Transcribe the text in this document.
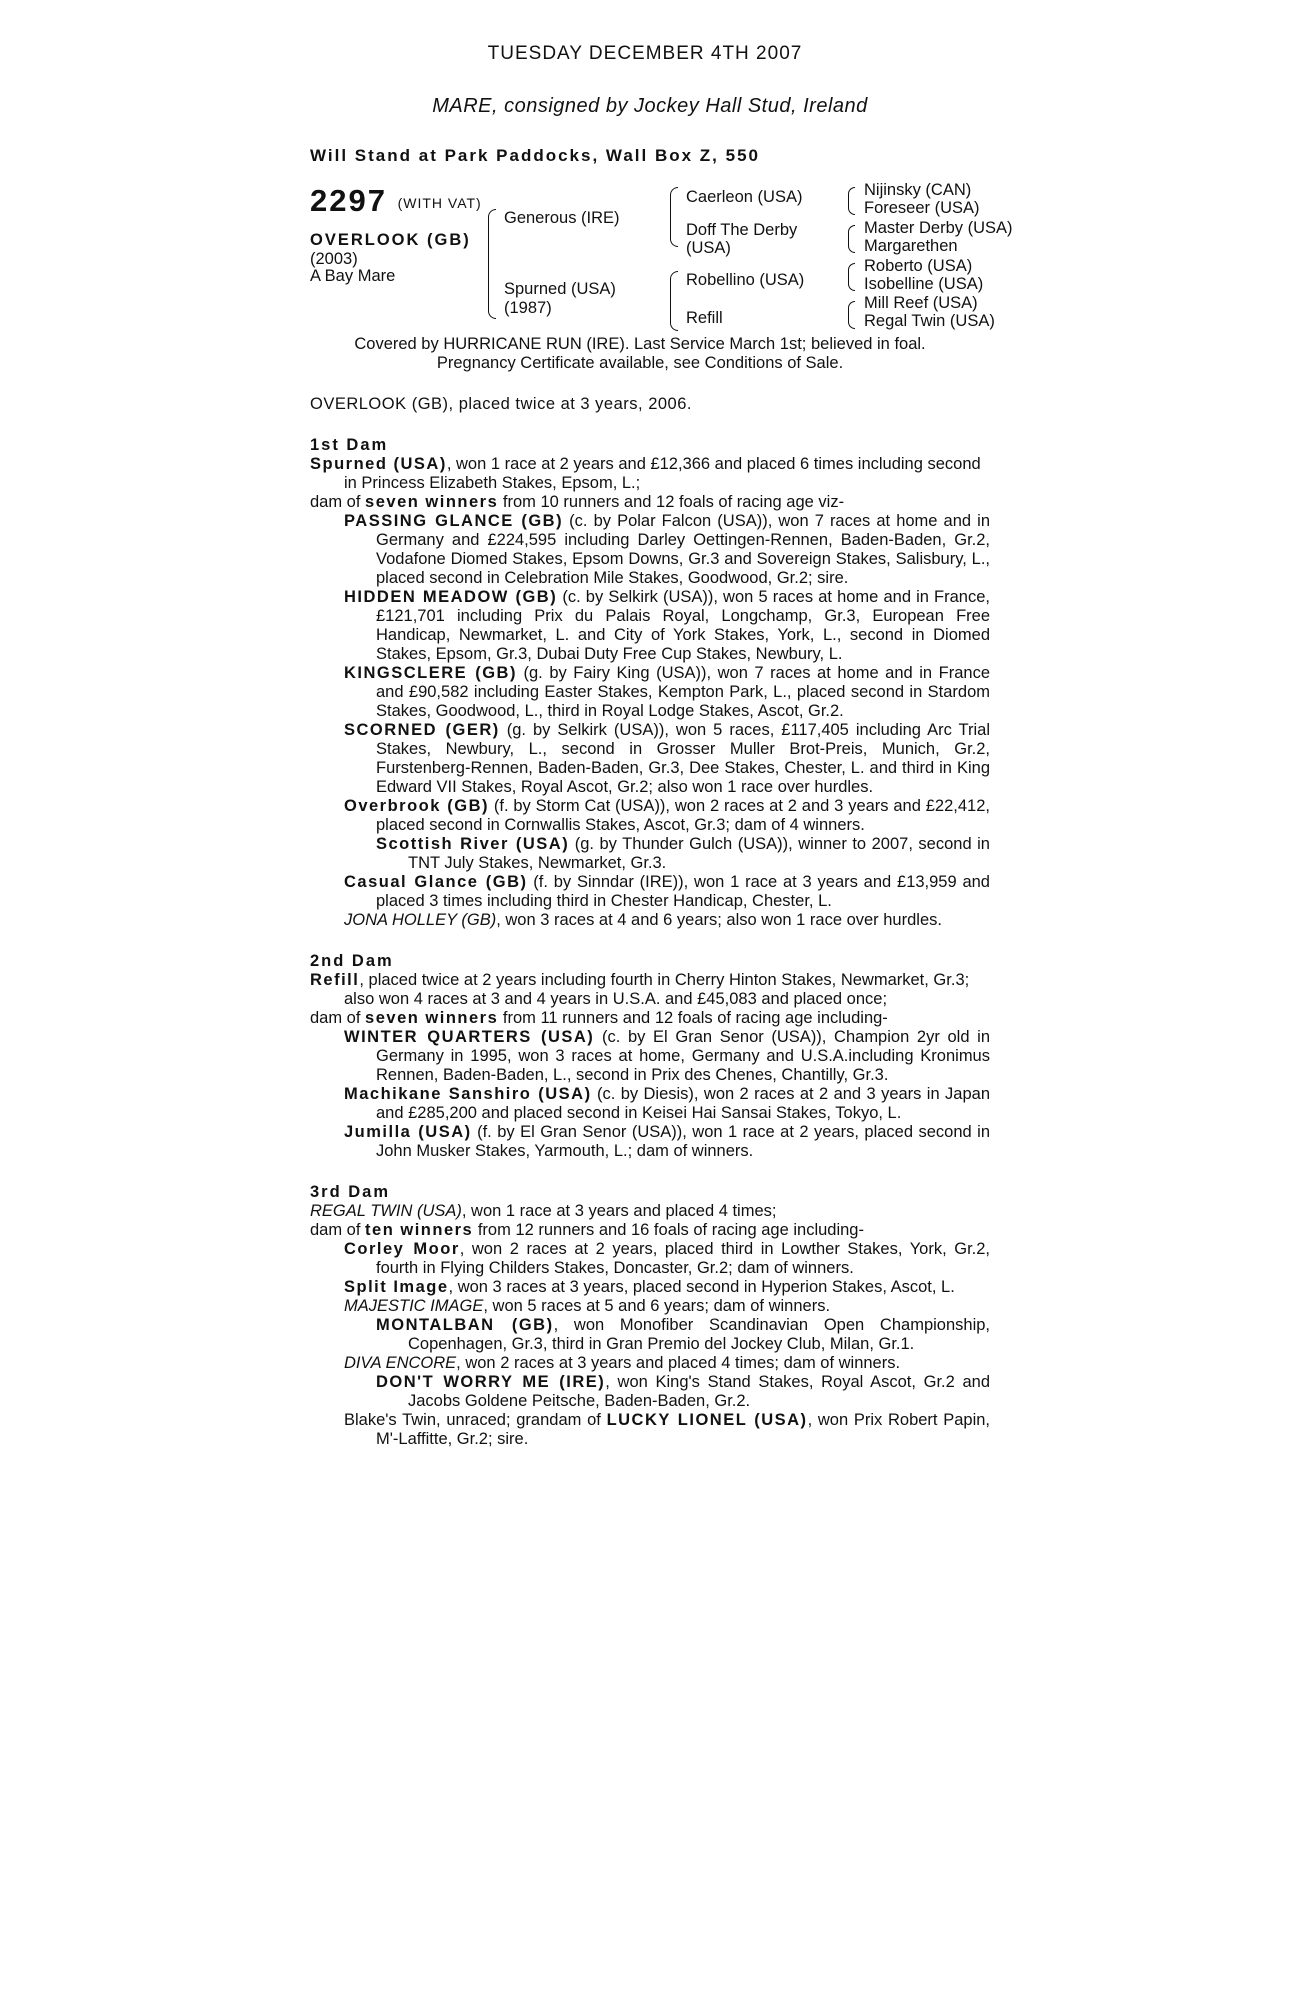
TUESDAY DECEMBER 4TH 2007
MARE, consigned by Jockey Hall Stud, Ireland
Will Stand at Park Paddocks, Wall Box Z, 550
2297 (WITH VAT)
OVERLOOK (GB)
(2003)
A Bay Mare
Generous (IRE)
Spurned (USA)
(1987)
Caerleon (USA)
Doff The Derby
(USA)
Robellino (USA)
Refill
Nijinsky (CAN)
Foreseer (USA)
Master Derby (USA)
Margarethen
Roberto (USA)
Isobelline (USA)
Mill Reef (USA)
Regal Twin (USA)
Covered by HURRICANE RUN (IRE). Last Service March 1st; believed in foal.
Pregnancy Certificate available, see Conditions of Sale.
OVERLOOK (GB), placed twice at 3 years, 2006.
1st Dam
Spurned (USA), won 1 race at 2 years and £12,366 and placed 6 times including second in Princess Elizabeth Stakes, Epsom, L.;
dam of seven winners from 10 runners and 12 foals of racing age viz-
PASSING GLANCE (GB) (c. by Polar Falcon (USA)), won 7 races at home and in Germany and £224,595 including Darley Oettingen-Rennen, Baden-Baden, Gr.2, Vodafone Diomed Stakes, Epsom Downs, Gr.3 and Sovereign Stakes, Salisbury, L., placed second in Celebration Mile Stakes, Goodwood, Gr.2; sire.
HIDDEN MEADOW (GB) (c. by Selkirk (USA)), won 5 races at home and in France, £121,701 including Prix du Palais Royal, Longchamp, Gr.3, European Free Handicap, Newmarket, L. and City of York Stakes, York, L., second in Diomed Stakes, Epsom, Gr.3, Dubai Duty Free Cup Stakes, Newbury, L.
KINGSCLERE (GB) (g. by Fairy King (USA)), won 7 races at home and in France and £90,582 including Easter Stakes, Kempton Park, L., placed second in Stardom Stakes, Goodwood, L., third in Royal Lodge Stakes, Ascot, Gr.2.
SCORNED (GER) (g. by Selkirk (USA)), won 5 races, £117,405 including Arc Trial Stakes, Newbury, L., second in Grosser Muller Brot-Preis, Munich, Gr.2, Furstenberg-Rennen, Baden-Baden, Gr.3, Dee Stakes, Chester, L. and third in King Edward VII Stakes, Royal Ascot, Gr.2; also won 1 race over hurdles.
Overbrook (GB) (f. by Storm Cat (USA)), won 2 races at 2 and 3 years and £22,412, placed second in Cornwallis Stakes, Ascot, Gr.3; dam of 4 winners.
Scottish River (USA) (g. by Thunder Gulch (USA)), winner to 2007, second in TNT July Stakes, Newmarket, Gr.3.
Casual Glance (GB) (f. by Sinndar (IRE)), won 1 race at 3 years and £13,959 and placed 3 times including third in Chester Handicap, Chester, L.
JONA HOLLEY (GB), won 3 races at 4 and 6 years; also won 1 race over hurdles.
2nd Dam
Refill, placed twice at 2 years including fourth in Cherry Hinton Stakes, Newmarket, Gr.3; also won 4 races at 3 and 4 years in U.S.A. and £45,083 and placed once;
dam of seven winners from 11 runners and 12 foals of racing age including-
WINTER QUARTERS (USA) (c. by El Gran Senor (USA)), Champion 2yr old in Germany in 1995, won 3 races at home, Germany and U.S.A.including Kronimus Rennen, Baden-Baden, L., second in Prix des Chenes, Chantilly, Gr.3.
Machikane Sanshiro (USA) (c. by Diesis), won 2 races at 2 and 3 years in Japan and £285,200 and placed second in Keisei Hai Sansai Stakes, Tokyo, L.
Jumilla (USA) (f. by El Gran Senor (USA)), won 1 race at 2 years, placed second in John Musker Stakes, Yarmouth, L.; dam of winners.
3rd Dam
REGAL TWIN (USA), won 1 race at 3 years and placed 4 times;
dam of ten winners from 12 runners and 16 foals of racing age including-
Corley Moor, won 2 races at 2 years, placed third in Lowther Stakes, York, Gr.2, fourth in Flying Childers Stakes, Doncaster, Gr.2; dam of winners.
Split Image, won 3 races at 3 years, placed second in Hyperion Stakes, Ascot, L.
MAJESTIC IMAGE, won 5 races at 5 and 6 years; dam of winners.
MONTALBAN (GB), won Monofiber Scandinavian Open Championship, Copenhagen, Gr.3, third in Gran Premio del Jockey Club, Milan, Gr.1.
DIVA ENCORE, won 2 races at 3 years and placed 4 times; dam of winners.
DON'T WORRY ME (IRE), won King's Stand Stakes, Royal Ascot, Gr.2 and Jacobs Goldene Peitsche, Baden-Baden, Gr.2.
Blake's Twin, unraced; grandam of LUCKY LIONEL (USA), won Prix Robert Papin, M'-Laffitte, Gr.2; sire.
